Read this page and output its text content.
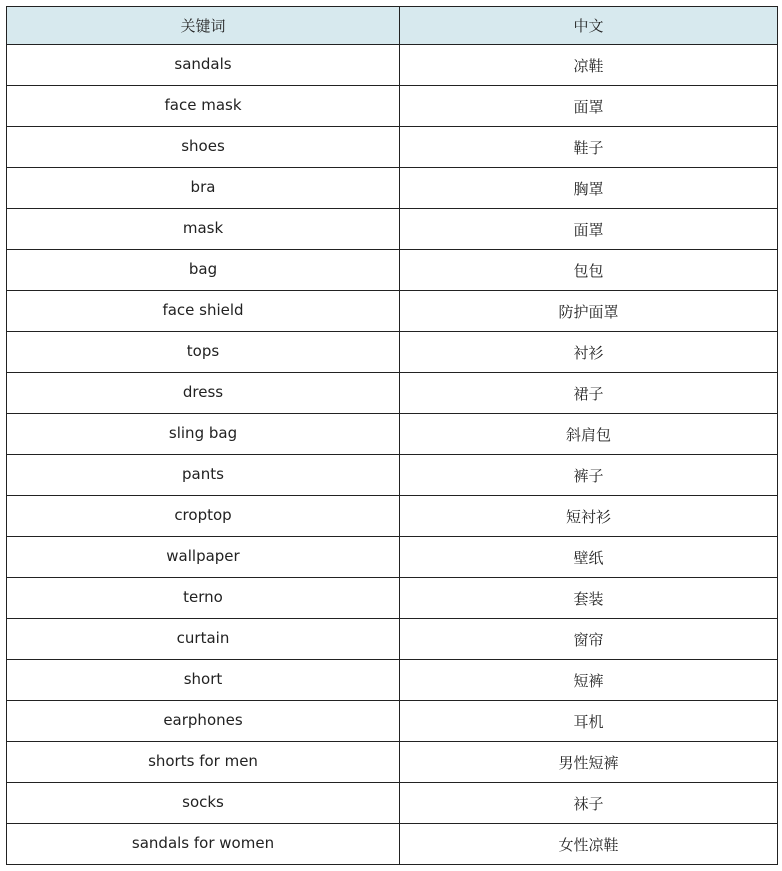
关键词	中文
sandals	凉鞋
face mask	面罩
shoes	鞋子
bra	胸罩
mask	面罩
bag	包包
face shield	防护面罩
tops	衬衫
dress	裙子
sling bag	斜肩包
pants	裤子
croptop	短衬衫
wallpaper	壁纸
terno	套装
curtain	窗帘
short	短裤
earphones	耳机
shorts for men	男性短裤
socks	袜子
sandals for women	女性凉鞋
